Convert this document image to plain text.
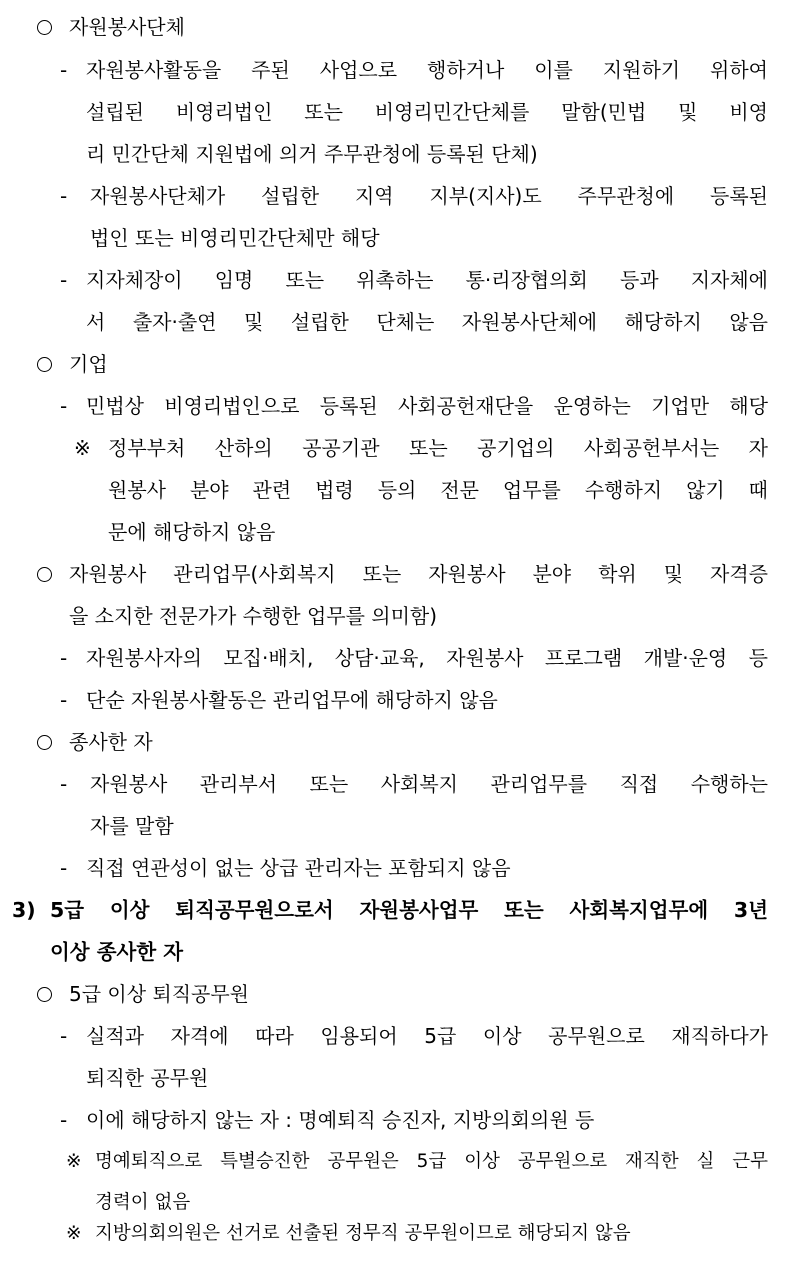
자원봉사단체
- 자원봉사활동을 주된 사업으로 행하거나 이를 지원하기 위하여
설립된 비영리법인 또는 비영리민간단체를 말함(민법 및 비영
리 민간단체 지원법에 의거 주무관청에 등록된 단체)
-	자원봉사단체가 설립한 지역 지부(지사)도 주무관청에 등록된
법인 또는 비영리민간단체만 해당
- 지자체장이 임명 또는 위촉하는 통·리장협의회 등과 지자체에
서 출자·출연 및 설립한 단체는 자원봉사단체에 해당하지 않음
기업
- 민법상 비영리법인으로 등록된 사회공헌재단을 운영하는 기업만 해당
※ 정부부처 산하의 공공기관 또는 공기업의 사회공헌부서는 자
원봉사 분야 관련 법령 등의 전문 업무를 수행하지 않기 때
문에 해당하지 않음
자원봉사 관리업무(사회복지 또는 자원봉사 분야 학위 및 자격증
을 소지한 전문가가 수행한 업무를 의미함)
- 자원봉사자의 모집·배치, 상담·교육, 자원봉사 프로그램 개발·운영 등
- 단순 자원봉사활동은 관리업무에 해당하지 않음
종사한 자
-	자원봉사 관리부서 또는 사회복지 관리업무를 직접 수행하는
자를 말함
- 직접 연관성이 없는 상급 관리자는 포함되지 않음
3) 5급 이상 퇴직공무원으로서 자원봉사업무 또는 사회복지업무에 3년
이상 종사한 자
5급 이상 퇴직공무원
- 실적과 자격에 따라 임용되어 5급 이상 공무원으로 재직하다가
퇴직한 공무원
- 이에 해당하지 않는 자 : 명예퇴직 승진자, 지방의회의원 등
※ 명예퇴직으로 특별승진한 공무원은 5급 이상 공무원으로 재직한 실 근무
경력이 없음
※ 지방의회의원은 선거로 선출된 정무직 공무원이므로 해당되지 않음
